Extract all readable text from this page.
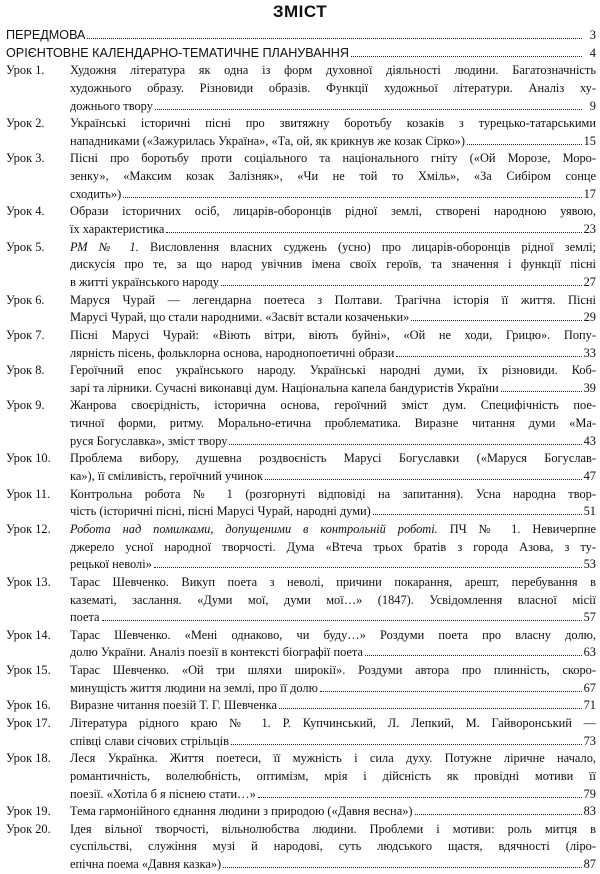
ЗМІСТ
ПЕРЕДМОВА	3
ОРІЄНТОВНЕ КАЛЕНДАРНО-ТЕМАТИЧНЕ ПЛАНУВАННЯ	4
Урок 1.	Художня література як одна із форм духовної діяльності людини. Багатозначність
художнього образу. Різновиди образів. Функції художньої літератури. Аналіз ху-
дожнього твору	9
Урок 2.	Українські історичні пісні про звитяжну боротьбу козаків з турецько-татарськими
нападниками («Зажурилась Україна», «Та, ой, як крикнув же козак Сірко»)	15
Урок 3.	Пісні про боротьбу проти соціального та національного гніту («Ой Морозе, Моро-
зенку», «Максим козак Залізняк», «Чи не той то Хміль», «За Сибіром сонце
сходить»)	17
Урок 4.	Образи історичних осіб, лицарів-оборонців рідної землі, створені народною уявою,
їх характеристика	23
Урок 5.	РМ № 1. Висловлення власних суджень (усно) про лицарів-оборонців рідної землі;
дискусія про те, за що народ увічнив імена своїх героїв, та значення і функції пісні
в житті українського народу	27
Урок 6.	Маруся Чурай — легендарна поетеса з Полтави. Трагічна історія її життя. Пісні
Марусі Чурай, що стали народними. «Засвіт встали козаченьки»	29
Урок 7.	Пісні Марусі Чурай: «Віють вітри, віють буйні», «Ой не ходи, Грицю». Попу-
лярність пісень, фольклорна основа, народнопоетичні образи	33
Урок 8.	Героїчний епос українського народу. Українські народні думи, їх різновиди. Коб-
зарі та лірники. Сучасні виконавці дум. Національна капела бандуристів України	39
Урок 9.	Жанрова своєрідність, історична основа, героїчний зміст дум. Специфічність пое-
тичної форми, ритму. Морально-етична проблематика. Виразне читання думи «Ма-
руся Богуславка», зміст твору	43
Урок 10.	Проблема вибору, душевна роздвоєність Марусі Богуславки («Маруся Богуслав-
ка»), її сміливість, героїчний учинок	47
Урок 11.	Контрольна робота № 1 (розгорнуті відповіді на запитання). Усна народна твор-
чість (історичні пісні, пісні Марусі Чурай, народні думи)	51
Урок 12.	Робота над помилками, допущеними в контрольній роботі. ПЧ № 1. Невичерпне
джерело усної народної творчості. Дума «Втеча трьох братів з города Азова, з ту-
рецької неволі»	53
Урок 13.	Тарас Шевченко. Викуп поета з неволі, причини покарання, арешт, перебування в
казематі, заслання. «Думи мої, думи мої…» (1847). Усвідомлення власної місії
поета	57
Урок 14.	Тарас Шевченко. «Мені однаково, чи буду…» Роздуми поета про власну долю,
долю України. Аналіз поезії в контексті біографії поета	63
Урок 15.	Тарас Шевченко. «Ой три шляхи широкії». Роздуми автора про плинність, скоро-
минущість життя людини на землі, про її долю	67
Урок 16.	Виразне читання поезій Т. Г. Шевченка	71
Урок 17.	Література рідного краю № 1. Р. Купчинський, Л. Лепкий, М. Гайворонський —
співці слави січових стрільців	73
Урок 18.	Леся Українка. Життя поетеси, її мужність і сила духу. Потужне ліричне начало,
романтичність, волелюбність, оптимізм, мрія і дійсність як провідні мотиви її
поезії. «Хотіла б я піснею стати…»	79
Урок 19.	Тема гармонійного єднання людини з природою («Давня весна»)	83
Урок 20.	Ідея вільної творчості, вільнолюбства людини. Проблеми і мотиви: роль митця в
суспільстві, служіння музі й народові, суть людського щастя, вдячності (ліро-
епічна поема «Давня казка»)	87
